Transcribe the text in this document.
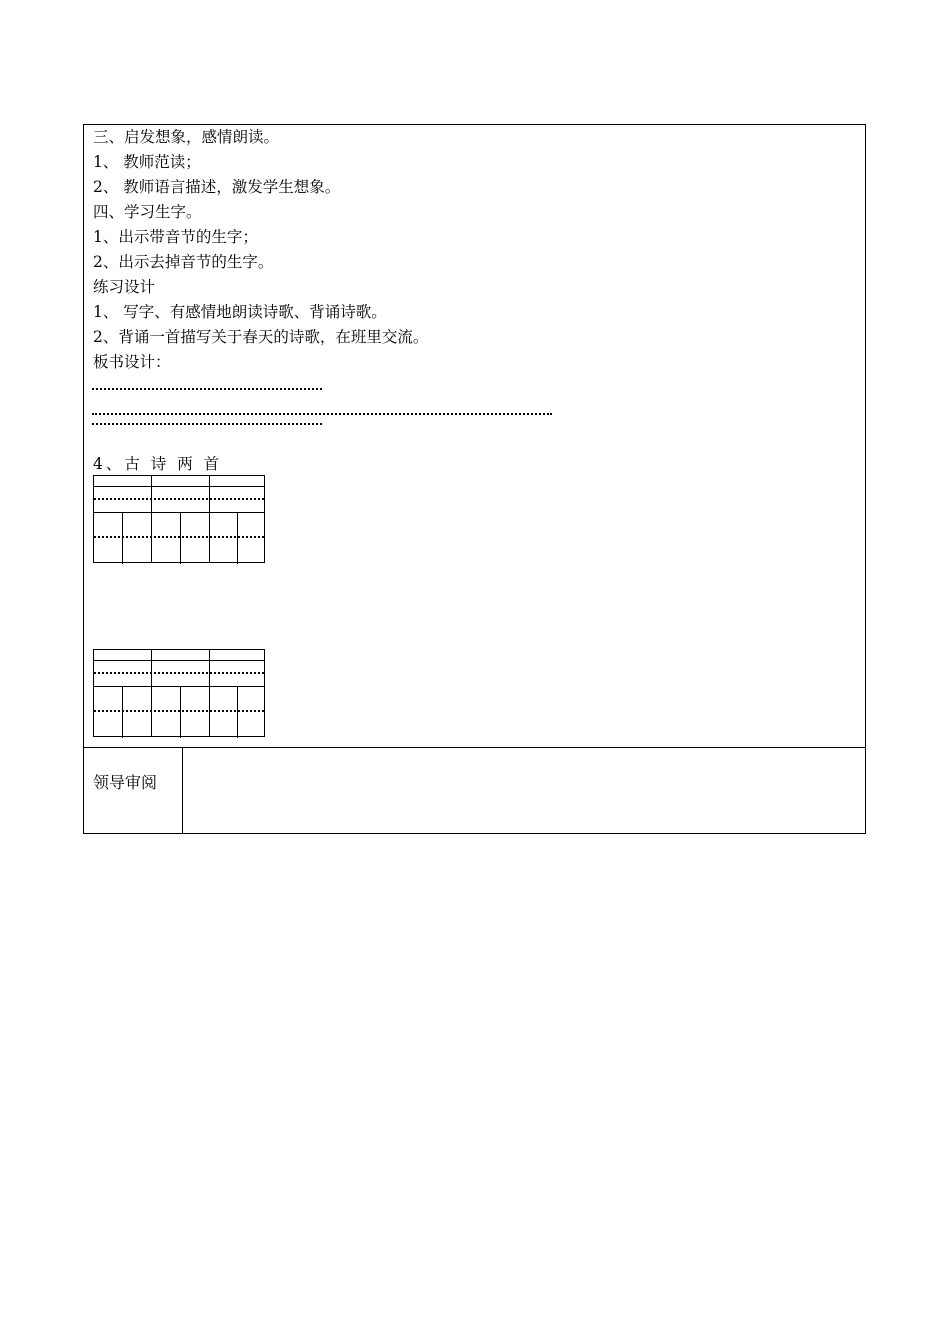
三、启发想象，感情朗读。
1、 教师范读；
2、 教师语言描述，激发学生想象。
四、学习生字。
1、出示带音节的生字；
2、出示去掉音节的生字。
练习设计
1、 写字、有感情地朗读诗歌、背诵诗歌。
2、背诵一首描写关于春天的诗歌，在班里交流。
板书设计：
4、古 诗 两 首
领导审阅
